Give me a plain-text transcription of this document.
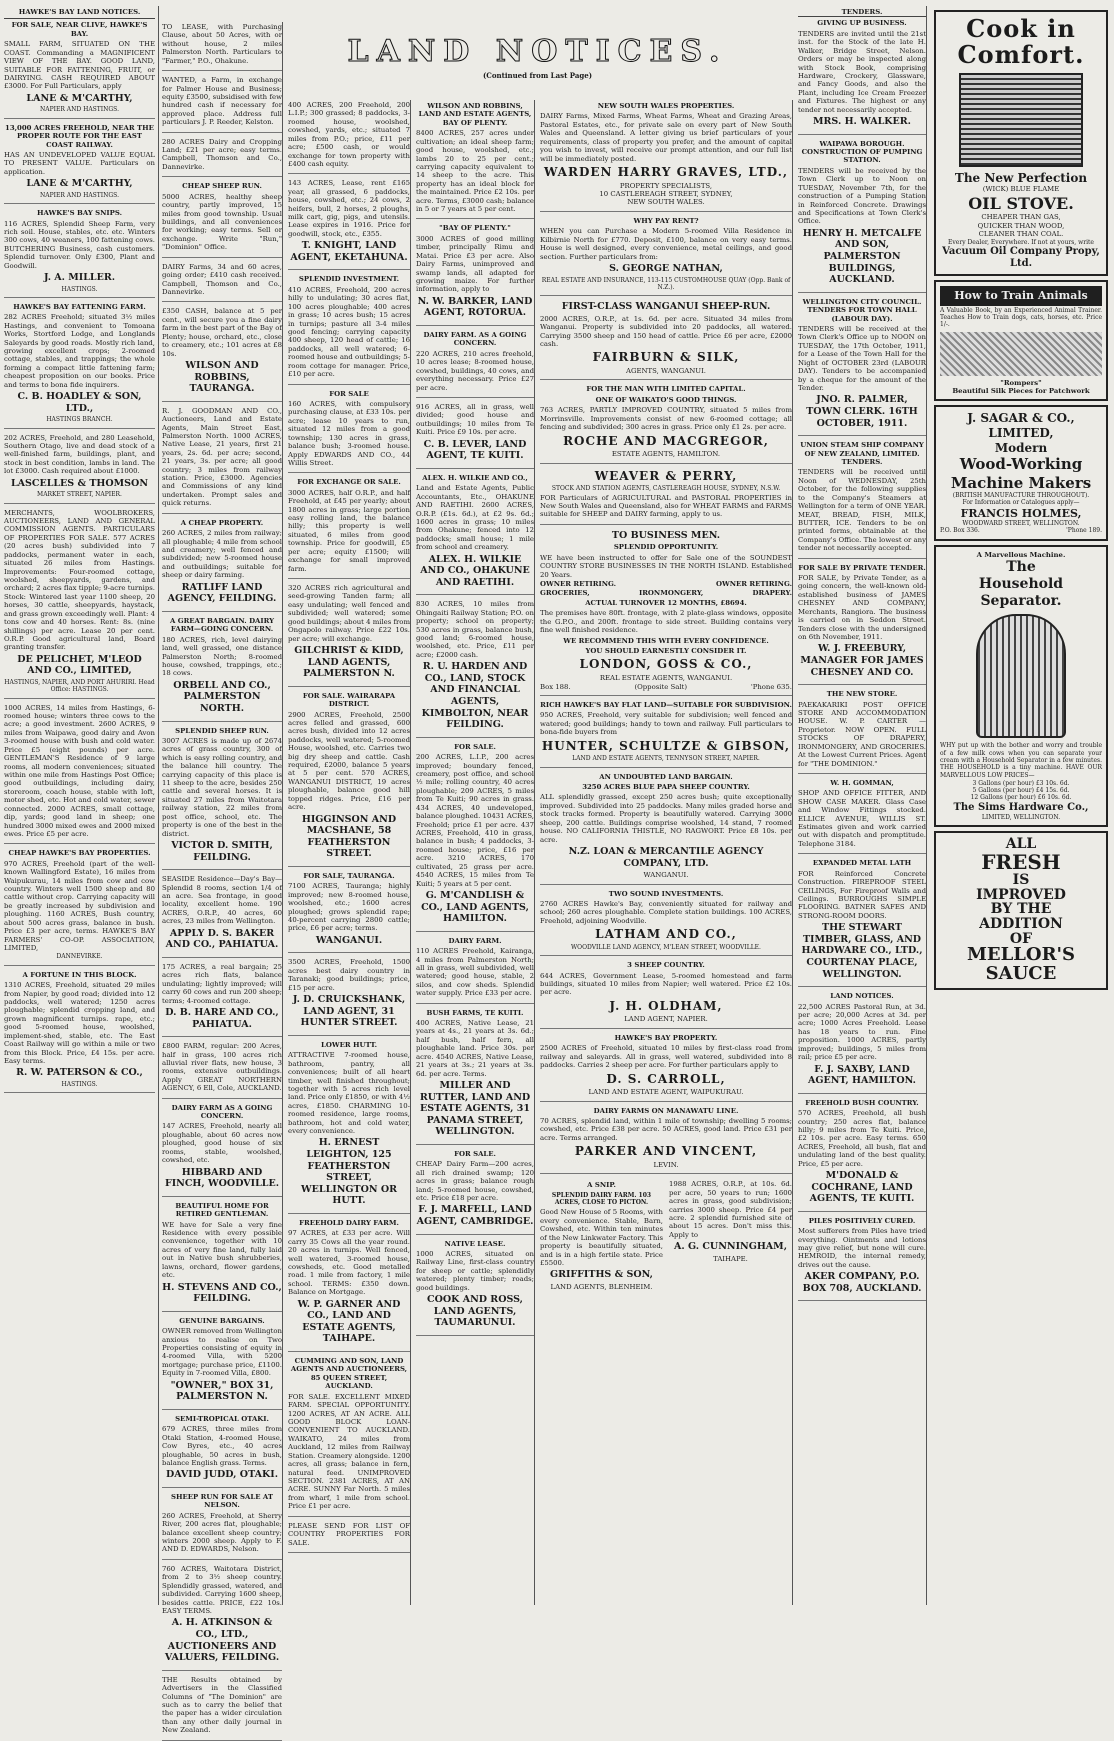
LAND NOTICES.
(Continued from Last Page)
HAWKE'S BAY LAND NOTICES.
FOR SALE, NEAR CLIVE, HAWKE'S BAY.

SMALL FARM, SITUATED ON THE COAST. Commanding a MAGNIFICENT VIEW OF THE BAY. GOOD LAND, SUITABLE FOR FATTENING, FRUIT, or DAIRYING. CASH REQUIRED ABOUT £3000. For Full Particulars, apply

LANE & M'CARTHY,
NAPIER AND HASTINGS.
13,000 ACRES FREEHOLD, NEAR THE PROPER ROUTE FOR THE EAST COAST RAILWAY.

HAS AN UNDEVELOPED VALUE EQUAL TO PRESENT VALUE. Particulars on application.

LANE & M'CARTHY,
NAPIER AND HASTINGS.
HAWKE'S BAY SNIPS.

116 ACRES, Splendid Sheep Farm, very rich soil. House, stables, etc. etc. Winters 300 cows, 40 weaners, 100 fattening cows. BUTCHERING Business, cash customers. Splendid turnover. Only £300, Plant and Goodwill.

J. A. MILLER.
HASTINGS.
HAWKE'S BAY FATTENING FARM.

282 ACRES Freehold; situated 3½ miles Hastings, and convenient to Tomoana Works, Stortford Lodge, and Longlands Saleyards by good roads. Mostly rich land, growing excellent crops; 2-roomed cottage, stables, and trappings; the whole forming a compact little fattening farm; cheapest proposition on our books. Price and terms to bona fide inquirers.

C. B. HOADLEY & SON, LTD.,
HASTINGS BRANCH.

202 ACRES, Freehold, and 280 Leasehold, Southern Otago, live and dead stock of a well-finished farm, buildings, plant, and stock in best condition, lambs in land. The lot £3000. Cash required about £1000.

LASCELLES & THOMSON
MARKET STREET, NAPIER.

MERCHANTS, WOOLBROKERS, AUCTIONEERS, LAND AND GENERAL COMMISSION AGENTS. PARTICULARS OF PROPERTIES FOR SALE. 577 ACRES (20 acres bush) subdivided into 7 paddocks, permanent water in each, situated 26 miles from Hastings. Improvements: Four-roomed cottage, woolshed, sheepyards, gardens, and orchard; 2 acres flax tipple; 9-acre turnips. Stock: Wintered last year 1100 sheep, 20 horses, 30 cattle, sheepyards, haystack, and grass grown exceedingly well. Plant: 4 tons cow and 40 horses. Rent: 8s. (nine shillings) per acre. Lease 20 per cent. O.R.P. Good agricultural land, Board granting transfer.

DE PELICHET, M'LEOD AND CO., LIMITED,
HASTINGS, NAPIER, AND PORT AHURIRI. Head Office: HASTINGS.

1000 ACRES, 14 miles from Hastings, 6-roomed house; winters three cows to the acre; a good investment. 2600 ACRES, 9 miles from Waipawa, good dairy and Avon 3-roomed house with bush and cold water. Price £5 (eight pounds) per acre. GENTLEMAN'S Residence of 9 large rooms, all modern conveniences; situated within one mile from Hastings Post Office; good outbuildings, including dairy, storeroom, coach house, stable with loft, motor shed, etc. Hot and cold water, sewer connected. 2000 ACRES, small cottage, dip, yards; good land in sheep; one hundred 3000 mixed ewes and 2000 mixed ewes. Price £5 per acre.

CHEAP HAWKE'S BAY PROPERTIES.

970 ACRES, Freehold (part of the well-known Wallingford Estate), 16 miles from Waipukurau, 14 miles from cow and cow country. Winters well 1500 sheep and 80 cattle without crop. Carrying capacity will be greatly increased by subdivision and ploughing. 1160 ACRES, Bush country, about 500 acres grass, balance in bush. Price £3 per acre, terms. HAWKE'S BAY FARMERS' CO-OP. ASSOCIATION, LIMITED,

DANNEVIRKE.
A FORTUNE IN THIS BLOCK.

1310 ACRES, Freehold, situated 29 miles from Napier, by good road; divided into 12 paddocks, well watered; 1250 acres ploughable; splendid cropping land, and grown magnificent turnips. rape, etc.; good 5-roomed house, woolshed, implement-shed, stable, etc. The East Coast Railway will go within a mile or two from this Block. Price, £4 15s. per acre. Easy terms.

R. W. PATERSON & CO.,
HASTINGS.

TO LEASE, with Purchasing Clause, about 50 Acres, with or without house, 2 miles Palmerston North. Particulars to "Farmer," P.O., Ohakune.

WANTED, a Farm, in exchange for Palmer House and Business; equity £3500, subsidised with few hundred cash if necessary for approved place. Address full particulars J. P. Reeder, Kelston.

280 ACRES Dairy and Cropping Land; £21 per acre; easy terms. Campbell, Thomson and Co., Dannevirke.

CHEAP SHEEP RUN.

5000 ACRES, healthy sheep country, partly improved, 15 miles from good township. Usual buildings, and all conveniences for working; easy terms. Sell or exchange. Write "Run," "Dominion" Office.

DAIRY Farms, 34 and 60 acres, going order; £410 cash received. Campbell, Thomson and Co., Dannevirke.

£350 CASH, balance at 5 per cent., will secure you a fine dairy farm in the best part of the Bay of Plenty; house, orchard, etc., close to creamery, etc.; 101 acres at £8 10s.

WILSON AND ROBBINS, TAURANGA.

R. J. GOODMAN AND CO., Auctioneers, Land and Estate Agents, Main Street East, Palmerston North. 1000 ACRES, Native Lease, 21 years, first 21 years, 2s. 6d. per acre; second, 21 years, 3s. per acre; all good country; 3 miles from railway station. Price, £3000. Agencies and Commissions of any kind undertaken. Prompt sales and quick returns.

A CHEAP PROPERTY.

260 ACRES, 2 miles from railway; all ploughable; 4 mile from school and creamery; well fenced and subdivided; new 5-roomed house and outbuildings; suitable for sheep or dairy farming.

RATLIFF LAND AGENCY, FEILDING.
A GREAT BARGAIN. DAIRY FARM—GOING CONCERN.

180 ACRES, rich, level dairying land, well grassed, one distance Palmerston North; 8-roomed house, cowshed, trappings, etc.; 18 cows.

ORBELL AND CO., PALMERSTON NORTH.
SPLENDID SHEEP RUN.

3007 ACRES is made up of 2674 acres of grass country, 300 of which is easy rolling country, and the balance hill country. The carrying capacity of this place is 11 sheep to the acre, besides 250 cattle and several horses. It is situated 27 miles from Waitotara railway station, 22 miles from post office, school, etc. The property is one of the best in the district.

VICTOR D. SMITH, FEILDING.

SEASIDE Residence—Day's Bay—Splendid 8 rooms, section 1/4 of an acre. Sea frontage, in good locality, excellent home. 190 ACRES, O.R.P., 40 acres, 60 acres, 23 miles from Wellington.

APPLY D. S. BAKER AND CO., PAHIATUA.

175 ACRES, a real bargain; 25 acres rich flats, balance undulating; lightly improved; will carry 60 cows and run 200 sheep; terms; 4-roomed cottage.

D. B. HARE AND CO., PAHIATUA.

£800 FARM, regular: 200 Acres, half in grass, 100 acres rich alluvial river flats, new house, 3 rooms, extensive outbuildings. Apply GREAT NORTHERN AGENCY, 6 Ell, Cole, AUCKLAND.

DAIRY FARM AS A GOING CONCERN.

147 ACRES, Freehold, nearly all ploughable, about 60 acres now ploughed, good house of six rooms, stable, woolshed, cowshed, etc.

HIBBARD AND FINCH, WOODVILLE.
BEAUTIFUL HOME FOR RETIRED GENTLEMAN.

WE have for Sale a very fine Residence with every possible convenience, together with 10 acres of very fine land, fully laid out in Native bush shrubberies, lawns, orchard, flower gardens, etc.

H. STEVENS AND CO., FEILDING.
GENUINE BARGAINS.

OWNER removed from Wellington anxious to realise on Two Properties consisting of equity in 4-roomed Villa, with 5200 mortgage; purchase price, £1100. Equity in 7-roomed Villa, £800.

"OWNER," BOX 31, PALMERSTON N.
SEMI-TROPICAL OTAKI.

679 ACRES, three miles from Otaki Station, 4-roomed House, Cow Byres, etc., 40 acres ploughable, 50 acres in bush, balance English grass. Terms.

DAVID JUDD, OTAKI.
SHEEP RUN FOR SALE AT NELSON.

260 ACRES, Freehold, at Sherry River, 200 acres flat, ploughable; balance excellent sheep country; winters 2000 sheep. Apply to F. AND D. EDWARDS, Nelson.

760 ACRES, Waitotara District, from 2 to 3½ sheep country. Splendidly grassed, watered, and subdivided. Carrying 1600 sheep, besides cattle. PRICE, £22 10s. EASY TERMS.

A. H. ATKINSON & CO., LTD., AUCTIONEERS AND VALUERS, FEILDING.

THE Results obtained by Advertisers in the Classified Columns of "The Dominion" are such as to carry the belief that the paper has a wider circulation than any other daily journal in New Zealand.

400 ACRES, 200 Freehold, 200 L.I.P.; 300 grassed; 8 paddocks, 3-roomed house, woolshed, cowshed, yards, etc.; situated 7 miles from P.O.; price, £11 per acre; £500 cash, or would exchange for town property with £400 cash equity.

143 ACRES, Lease, rent £165 year, all grassed, 6 paddocks, house, cowshed, etc.; 24 cows, 2 heifers, bull, 2 horses, 2 ploughs, milk cart, gig, pigs, and utensils. Lease expires in 1916. Price for goodwill, stock, etc., £355.

T. KNIGHT, LAND AGENT, EKETAHUNA.
SPLENDID INVESTMENT.

410 ACRES, Freehold, 200 acres hilly to undulating; 30 acres flat, 100 acres ploughable; 400 acres in grass; 10 acres bush; 15 acres in turnips; pasture all 3-4 miles good fencing; carrying capacity 400 sheep, 120 head of cattle; 16 paddocks, all well watered; 6-roomed house and outbuildings; 5-room cottage for manager. Price, £10 per acre.

FOR SALE

160 ACRES, with compulsory purchasing clause, at £33 10s. per acre; lease 10 years to run, situated 12 miles from a good township; 130 acres in grass, balance bush; 3-roomed house. Apply EDWARDS AND CO., 44 Willis Street.

FOR EXCHANGE OR SALE.

3000 ACRES, half O.R.P., and half Freehold, at £45 per yearly; about 1800 acres in grass; large portion easy rolling land, the balance hilly; this property is well situated, 6 miles from good township. Price for goodwill, £5 per acre; equity £1500; will exchange for small improved farm.

320 ACRES rich agricultural and seed-growing Tanden farm; all easy undulating; well fenced and subdivided; well watered; some good buildings; about 4 miles from Ongapolo railway. Price £22 10s. per acre; will exchange.

GILCHRIST & KIDD, LAND AGENTS, PALMERSTON N.
FOR SALE. WAIRARAPA DISTRICT.

2900 ACRES, Freehold, 2500 acres felled and grassed, 600 acres bush, divided into 12 acres paddocks, well watered; 5-roomed House, woolshed, etc. Carries two big dry sheep and cattle. Cash required, £2000, balance 5 years at 5 per cent. 570 ACRES, WANGANUI DISTRICT, 19 acres ploughable, balance good hill topped ridges. Price, £16 per acre.

HIGGINSON AND MACSHANE, 58 FEATHERSTON STREET.
FOR SALE, TAURANGA.

7100 ACRES, Tauranga; highly improved; new 8-roomed house, woolshed, etc.; 1600 acres ploughed; grows splendid rape; 40-percent carrying 2800 cattle; price, £6 per acre; terms.

WANGANUI.

3500 ACRES, Freehold, 1500 acres best dairy country in Taranaki; good buildings; price, £15 per acre.

J. D. CRUICKSHANK, LAND AGENT, 31 HUNTER STREET.
LOWER HUTT.

ATTRACTIVE 7-roomed house, bathroom, pantry, all conveniences; built of all heart timber, well finished throughout; together with 5 acres rich level land. Price only £1850, or with 4½ acres, £1850. CHARMING 10-roomed residence, large rooms, bathroom, hot and cold water, every convenience.

H. ERNEST LEIGHTON, 125 FEATHERSTON STREET, WELLINGTON OR HUTT.
FREEHOLD DAIRY FARM.

97 ACRES, at £33 per acre. Will carry 35 Cows all the year round. 20 acres in turnips. Well fenced, well watered, 3-roomed house, cowsheds, etc. Good metalled road. 1 mile from factory, 1 mile school. TERMS: £350 down. Balance on Mortgage.

W. P. GARNER AND CO., LAND AND ESTATE AGENTS, TAIHAPE.
CUMMING AND SON, LAND AGENTS AND AUCTIONEERS, 85 QUEEN STREET, AUCKLAND.

FOR SALE. EXCELLENT MIXED FARM. SPECIAL OPPORTUNITY. 1200 ACRES, AT AN ACRE. ALL GOOD BLOCK LOAN-CONVENIENT TO AUCKLAND. WAIKATO, 24 miles from Auckland, 12 miles from Railway Station. Creamery alongside. 1200 acres, all grass; balance in fern, natural feed. UNIMPROVED SECTION. 2381 ACRES, AT AN ACRE. SUNNY Far North. 5 miles from wharf, 1 mile from school. Price £1 per acre.

PLEASE SEND FOR LIST OF COUNTRY PROPERTIES FOR SALE.

WILSON AND ROBBINS, LAND AND ESTATE AGENTS, BAY OF PLENTY.

8400 ACRES, 257 acres under cultivation; an ideal sheep farm; good house, woolshed, etc.; lambs 20 to 25 per cent.; carrying capacity equivalent to 14 sheep to the acre. This property has an ideal block for the maintained. Price £2 10s. per acre. Terms, £3000 cash; balance in 5 or 7 years at 5 per cent.

"BAY OF PLENTY."

3000 ACRES of good milling timber, principally Rimu and Matai. Price £3 per acre. Also Dairy Farms, unimproved and swamp lands, all adapted for growing maize. For further information, apply to

N. W. BARKER, LAND AGENT, ROTORUA.
DAIRY FARM. AS A GOING CONCERN.

220 ACRES, 210 acres freehold, 10 acres lease; 8-roomed house, cowshed, buildings, 40 cows, and everything necessary. Price £27 per acre.

916 ACRES, all in grass, well divided; good house and outbuildings; 10 miles from Te Kuiti. Price £9 10s. per acre.

C. B. LEVER, LAND AGENT, TE KUITI.
ALEX. H. WILKIE AND CO.,

Land and Estate Agents, Public Accountants, Etc., OHAKUNE AND RAETIHI. 2600 ACRES, O.R.P. (£1s. 6d.), at £2 9s. 6d.; 1600 acres in grass; 10 miles from Ohakune; fenced into 12 paddocks; small house; 1 mile from school and creamery.

ALEX. H. WILKIE AND CO., OHAKUNE AND RAETIHI.

830 ACRES, 10 miles from Ohingaiti Railway Station; P.O. on property; school on property; 530 acres in grass, balance bush, good land; 6-roomed house, woolshed, etc. Price, £11 per acre; £2000 cash.

R. U. HARDEN AND CO., LAND, STOCK AND FINANCIAL AGENTS, KIMBOLTON, NEAR FEILDING.
FOR SALE.

200 ACRES, L.I.P., 200 acres improved; boundary fenced, creamery, post office, and school ½ mile; rolling country, 40 acres ploughable; 209 ACRES, 5 miles from Te Kuiti; 90 acres in grass. 434 ACRES, 40 undeveloped, balance ploughed. 10431 ACRES, Freehold; price £1 per acre. 437 ACRES, Freehold, 410 in grass, balance in bush; 4 paddocks, 3-roomed house; price, £16 per acre. 3210 ACRES, 170 cultivated, 25 grass per acre. 4540 ACRES, 15 miles from Te Kuiti; 5 years at 5 per cent.

G. M'CANDLISH & CO., LAND AGENTS, HAMILTON.
DAIRY FARM.

110 ACRES Freehold, Kairanga, 4 miles from Palmerston North; all in grass, well subdivided, well watered; good house, stable, 2 silos, and cow sheds. Splendid water supply. Price £33 per acre.

BUSH FARMS, TE KUITI.

400 ACRES, Native Lease, 21 years at 4s., 21 years at 3s. 6d.; half bush, half fern, all ploughable land. Price 30s. per acre. 4540 ACRES, Native Lease, 21 years at 3s.; 21 years at 3s. 6d. per acre. Terms.

MILLER AND RUTTER, LAND AND ESTATE AGENTS, 31 PANAMA STREET, WELLINGTON.
FOR SALE.

CHEAP Dairy Farm—200 acres, all rich drained swamp; 120 acres in grass; balance rough land; 5-roomed house, cowshed, etc. Price £18 per acre.

F. J. MARFELL, LAND AGENT, CAMBRIDGE.
NATIVE LEASE.

1000 ACRES, situated on Railway Line, first-class country for sheep or cattle; splendidly watered; plenty timber; roads; good buildings.

COOK AND ROSS, LAND AGENTS, TAUMARUNUI.
NEW SOUTH WALES PROPERTIES.

DAIRY Farms, Mixed Farms, Wheat Farms, Wheat and Grazing Areas, Pastoral Estates, etc., for private sale on every part of New South Wales and Queensland. A letter giving us brief particulars of your requirements, class of property you prefer, and the amount of capital you wish to invest, will receive our prompt attention, and our full list will be immediately posted.

WARDEN HARRY GRAVES, LTD.,
PROPERTY SPECIALISTS,
10 CASTLEREAGH STREET, SYDNEY,
NEW SOUTH WALES.
WHY PAY RENT?

WHEN you can Purchase a Modern 5-roomed Villa Residence in Kilbirnie North for £770. Deposit, £100, balance on very easy terms. House is well designed, every convenience, metal ceilings, and good section. Further particulars from:

S. GEORGE NATHAN,
REAL ESTATE AND INSURANCE, 113-115 CUSTOMHOUSE QUAY (Opp. Bank of N.Z.).
FIRST-CLASS WANGANUI SHEEP-RUN.

2000 ACRES, O.R.P., at 1s. 6d. per acre. Situated 34 miles from Wanganui. Property is subdivided into 20 paddocks, all watered. Carrying 3500 sheep and 150 head of cattle. Price £6 per acre, £2000 cash.

FAIRBURN & SILK,
AGENTS, WANGANUI.
FOR THE MAN WITH LIMITED CAPITAL.
ONE OF WAIKATO'S GOOD THINGS.

763 ACRES, PARTLY IMPROVED COUNTRY, situated 5 miles from Morrinsville. Improvements consist of new 6-roomed cottage; all fencing and subdivided; 300 acres in grass. Price only £1 2s. per acre.

ROCHE AND MACGREGOR,
ESTATE AGENTS, HAMILTON.
WEAVER & PERRY,
STOCK AND STATION AGENTS, CASTLEREAGH HOUSE, SYDNEY, N.S.W.

FOR Particulars of AGRICULTURAL and PASTORAL PROPERTIES in New South Wales and Queensland, also for WHEAT FARMS and FARMS suitable for SHEEP and DAIRY farming, apply to us.

TO BUSINESS MEN.
SPLENDID OPPORTUNITY.

WE have been instructed to offer for Sale one of the SOUNDEST COUNTRY STORE BUSINESSES IN THE NORTH ISLAND. Established 20 Years.

OWNER RETIRING.	OWNER RETIRING.
GROCERIES,	IRONMONGERY,	DRAPERY.
ACTUAL TURNOVER 12 MONTHS, £8694.

The premises have 80ft. frontage, with 2 plate-glass windows, opposite the G.P.O., and 200ft. frontage to side street. Building contains very fine well finished residence.

WE RECOMMEND THIS WITH EVERY CONFIDENCE.
YOU SHOULD EARNESTLY CONSIDER IT.
LONDON, GOSS & CO.,
REAL ESTATE AGENTS, WANGANUI.
Box 188.	(Opposite Salt)	'Phone 635.
RICH HAWKE'S BAY FLAT LAND—SUITABLE FOR SUBDIVISION.

950 ACRES, Freehold, very suitable for subdivision; well fenced and watered; good buildings; handy to town and railway. Full particulars to bona-fide buyers from

HUNTER, SCHULTZE & GIBSON,
LAND AND ESTATE AGENTS, TENNYSON STREET, NAPIER.
AN UNDOUBTED LAND BARGAIN.
3250 ACRES BLUE PAPA SHEEP COUNTRY.

ALL splendidly grassed, except 250 acres bush; quite exceptionally improved. Subdivided into 25 paddocks. Many miles graded horse and stock tracks formed. Property is beautifully watered. Carrying 3000 sheep, 200 cattle. Buildings comprise woolshed, 14 stand, 7 roomed house. NO CALIFORNIA THISTLE, NO RAGWORT. Price £8 10s. per acre.

N.Z. LOAN & MERCANTILE AGENCY COMPANY, LTD.
WANGANUI.
TWO SOUND INVESTMENTS.

2760 ACRES Hawke's Bay, conveniently situated for railway and school; 260 acres ploughable. Complete station buildings. 100 ACRES, Freehold, adjoining Woodville.

LATHAM AND CO.,
WOODVILLE LAND AGENCY, M'LEAN STREET, WOODVILLE.
3 SHEEP COUNTRY.

644 ACRES, Government Lease, 5-roomed homestead and farm buildings, situated 10 miles from Napier; well watered. Price £2 10s. per acre.

J. H. OLDHAM,
LAND AGENT, NAPIER.
HAWKE'S BAY PROPERTY.

2500 ACRES of Freehold, situated 10 miles by first-class road from railway and saleyards. All in grass, well watered, subdivided into 8 paddocks. Carries 2 sheep per acre. For further particulars apply to

D. S. CARROLL,
LAND AND ESTATE AGENT, WAIPUKURAU.
DAIRY FARMS ON MANAWATU LINE.

70 ACRES, splendid land, within 1 mile of township; dwelling 5 rooms; cowshed, etc. Price £38 per acre. 50 ACRES, good land. Price £31 per acre. Terms arranged.

PARKER AND VINCENT,
LEVIN.
A SNIP.
SPLENDID DAIRY FARM. 103 ACRES, CLOSE TO PICTON.

Good New House of 5 Rooms, with every convenience. Stable, Barn, Cowshed, etc. Within ten minutes of the New Linkwater Factory. This property is beautifully situated, and is in a high fertile state. Price £5500.

GRIFFITHS & SON,
LAND AGENTS, BLENHEIM.

1988 ACRES, O.R.P., at 10s. 6d. per acre, 50 years to run; 1600 acres in grass, good subdivision; carries 3000 sheep. Price £4 per acre. 2 splendid furnished site of about 15 acres. Don't miss this. Apply to

A. G. CUNNINGHAM,
TAIHAPE.
TENDERS.
GIVING UP BUSINESS.

TENDERS are invited until the 21st inst. for the Stock of the late H. Walker, Bridge Street, Nelson. Orders or may be inspected along with Stock Book, comprising Hardware, Crockery, Glassware, and Fancy Goods, and also the Plant, including Ice Cream Freezer and Fixtures. The highest or any tender not necessarily accepted.

MRS. H. WALKER.
WAIPAWA BOROUGH. CONSTRUCTION OF PUMPING STATION.

TENDERS will be received by the Town Clerk up to Noon on TUESDAY, November 7th, for the construction of a Pumping Station in Reinforced Concrete. Drawings and Specifications at Town Clerk's Office.

HENRY H. METCALFE AND SON, PALMERSTON BUILDINGS, AUCKLAND.
WELLINGTON CITY COUNCIL. TENDERS FOR TOWN HALL (LABOUR DAY).

TENDERS will be received at the Town Clerk's Office up to NOON on TUESDAY, the 17th October, 1911, for a Lease of the Town Hall for the Night of OCTOBER 23rd (LABOUR DAY). Tenders to be accompanied by a cheque for the amount of the Tender.

JNO. R. PALMER, TOWN CLERK. 16TH OCTOBER, 1911.
UNION STEAM SHIP COMPANY OF NEW ZEALAND, LIMITED. TENDERS.

TENDERS will be received until Noon of WEDNESDAY, 25th October, for the following supplies to the Company's Steamers at Wellington for a term of ONE YEAR. MEAT, BREAD, FISH, MILK, BUTTER, ICE. Tenders to be on printed forms, obtainable at the Company's Office. The lowest or any tender not necessarily accepted.

FOR SALE BY PRIVATE TENDER.

FOR SALE, by Private Tender, as a going concern, the well-known old-established business of JAMES CHESNEY AND COMPANY, Merchants, Rangiora. The business is carried on in Seddon Street. Tenders close with the undersigned on 6th November, 1911.

W. J. FREEBURY, MANAGER FOR JAMES CHESNEY AND CO.
THE NEW STORE.

PAEKAKARIKI POST OFFICE STORE AND ACCOMMODATION HOUSE. W. P. CARTER — Proprietor. NOW OPEN. FULL STOCKS OF DRAPERY, IRONMONGERY, AND GROCERIES. At the Lowest Current Prices. Agent for "THE DOMINION."

W. H. GOMMAN,

SHOP AND OFFICE FITTER, AND SHOW CASE MAKER. Glass Case and Window Fittings stocked. ELLICE AVENUE, WILLIS ST. Estimates given and work carried out with dispatch and promptitude. Telephone 3184.

EXPANDED METAL LATH

FOR Reinforced Concrete Construction. FIREPROOF STEEL CEILINGS, For Fireproof Walls and Ceilings. BURROUGHS SIMPLE FLOORING. BATNER SAFES AND STRONG-ROOM DOORS.

THE STEWART TIMBER, GLASS, AND HARDWARE CO., LTD., COURTENAY PLACE, WELLINGTON.
LAND NOTICES.

22,500 ACRES Pastoral Run, at 3d. per acre; 20,000 Acres at 3d. per acre; 1000 Acres Freehold. Lease has 18 years to run. Fine proposition. 1000 ACRES, partly improved; buildings, 5 miles from rail; price £5 per acre.

F. J. SAXBY, LAND AGENT, HAMILTON.
FREEHOLD BUSH COUNTRY.

570 ACRES, Freehold, all bush country; 250 acres flat, balance hilly; 9 miles from Te Kuiti. Price, £2 10s. per acre. Easy terms. 650 ACRES, Freehold, all bush, flat and undulating land of the best quality. Price, £5 per acre.

M'DONALD & COCHRANE, LAND AGENTS, TE KUITI.
PILES POSITIVELY CURED.

Most sufferers from Piles have tried everything. Ointments and lotions may give relief, but none will cure. HEMROID, the internal remedy, drives out the cause.

AKER COMPANY, P.O. BOX 708, AUCKLAND.
Cook in
Comfort.
The New Perfection
(WICK) BLUE FLAME
OIL STOVE.
CHEAPER THAN GAS,
QUICKER THAN WOOD,
CLEANER THAN COAL.
Every Dealer, Everywhere. If not at yours, write
Vacuum Oil Company Propy, Ltd.
How to Train Animals

A Valuable Book, by an Experienced Animal Trainer. Teaches How to Train dogs, cats, horses, etc. Price 1/-.

"Rompers"
Beautiful Silk Pieces for Patchwork
J. SAGAR & CO., LIMITED,
Modern
Wood-Working
Machine Makers
(BRITISH MANUFACTURE THROUGHOUT).
For Information or Catalogues apply—
FRANCIS HOLMES,
WOODWARD STREET, WELLINGTON.
P.O. Box 336.	'Phone 189.
A Marvellous Machine.
The
Household
Separator.

WHY put up with the bother and worry and trouble of a few milk cows when you can separate your cream with a Household Separator in a few minutes. THE HOUSEHOLD is a tiny machine. HAVE OUR MARVELLOUS LOW PRICES—

3 Gallons (per hour) £3 10s. 6d.
5 Gallons (per hour) £4 15s. 6d.
12 Gallons (per hour) £6 10s. 6d.
The Sims Hardware Co.,
LIMITED, WELLINGTON.
ALL
FRESH
IS
IMPROVED
BY THE
ADDITION
OF
MELLOR'S
SAUCE
